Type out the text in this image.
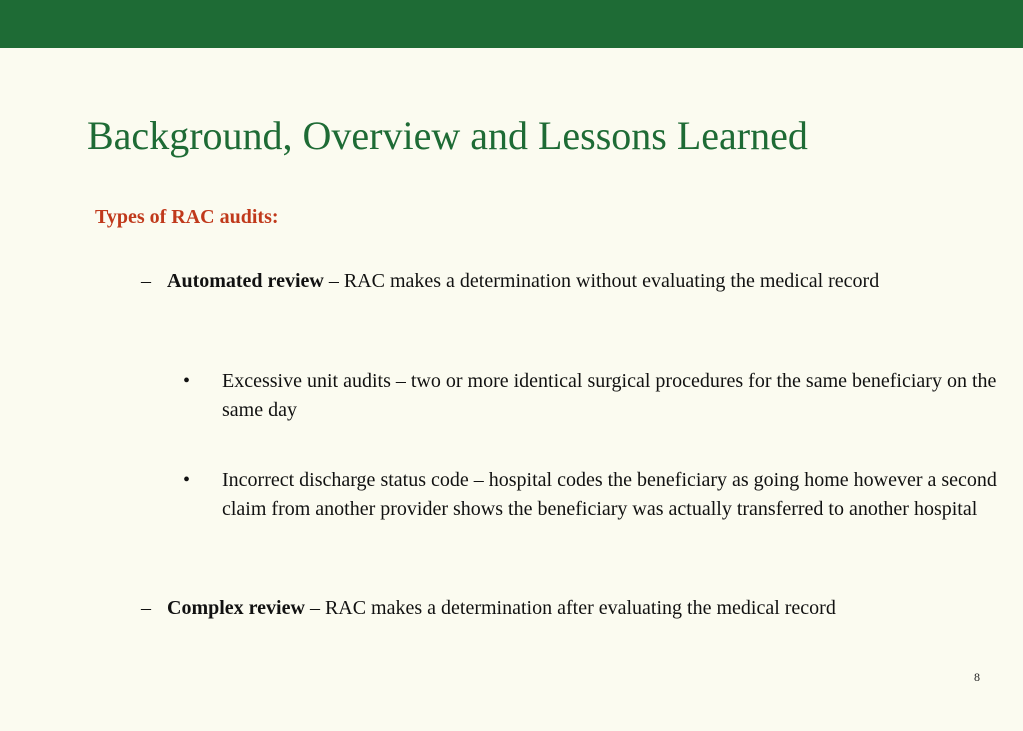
Background, Overview and Lessons Learned
Types of RAC audits:
– Automated review – RAC makes a determination without evaluating the medical record
• Excessive unit audits – two or more identical surgical procedures for the same beneficiary on the same day
• Incorrect discharge status code – hospital codes the beneficiary as going home however a second claim from another provider shows the beneficiary was actually transferred to another hospital
– Complex review – RAC makes a determination after evaluating the medical record
8
